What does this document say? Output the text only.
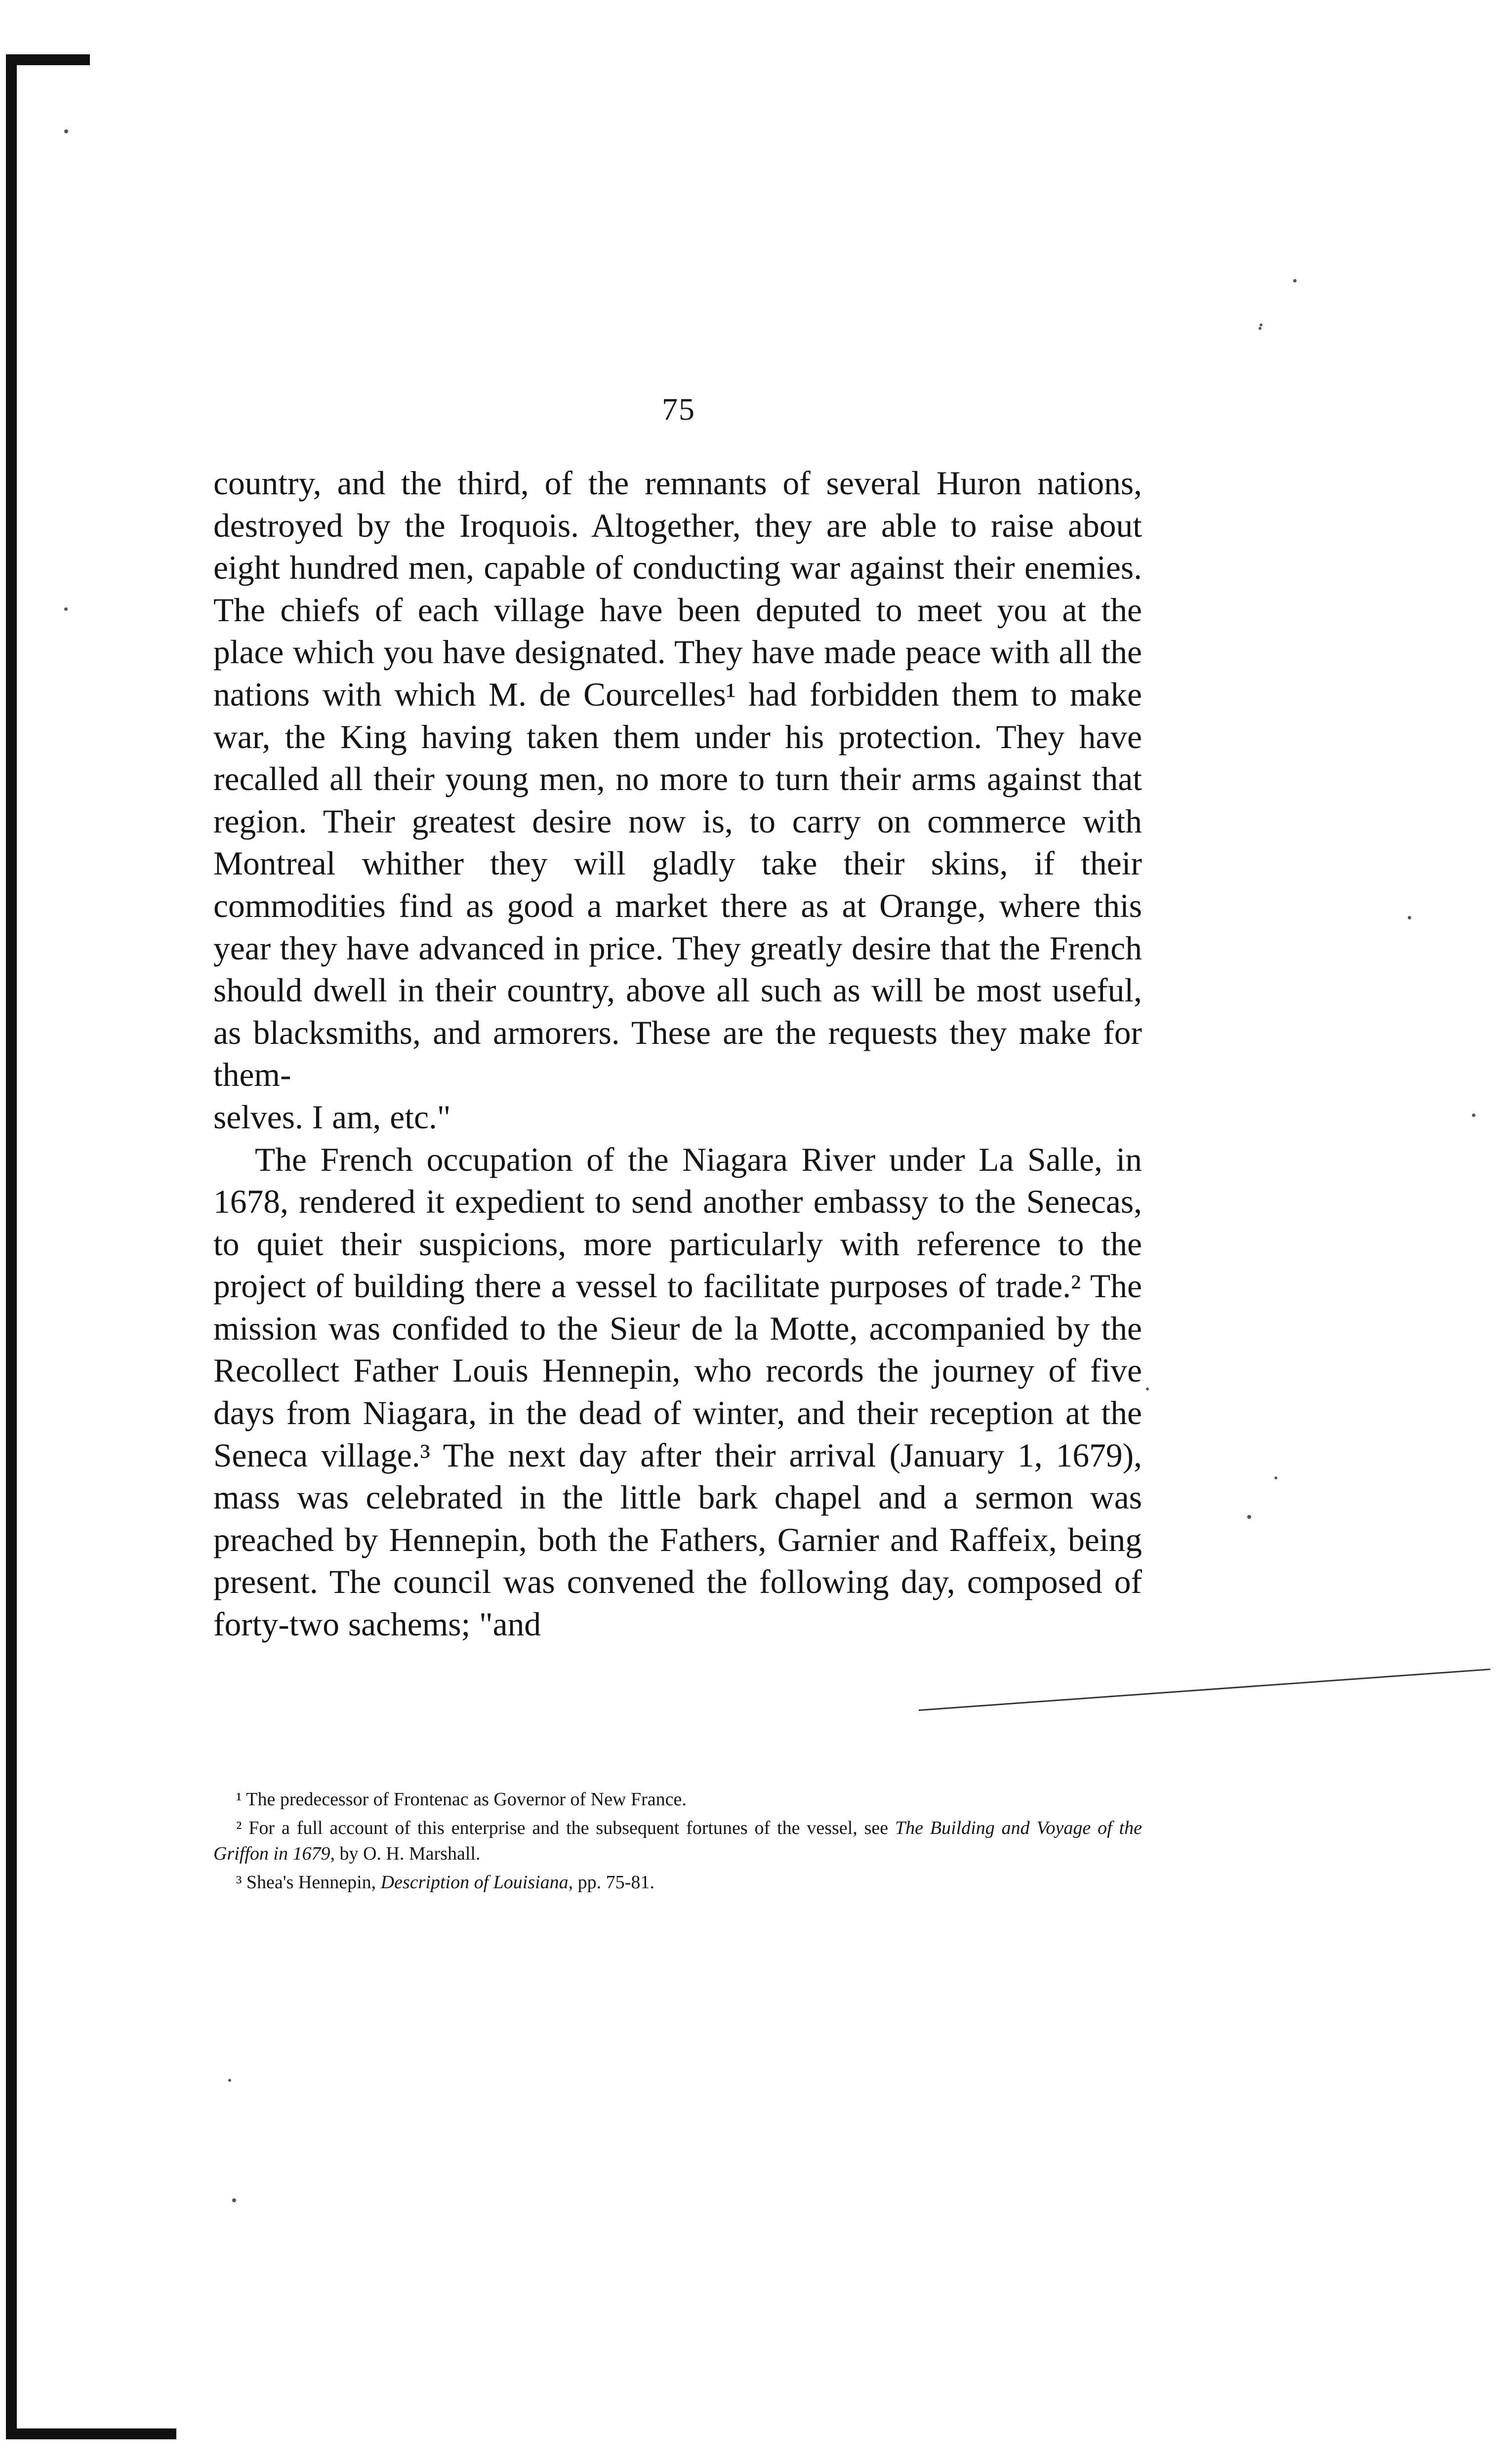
75

country, and the third, of the remnants of several Huron nations, destroyed by the Iroquois. Altogether, they are able to raise about eight hundred men, capable of conducting war against their enemies. The chiefs of each village have been deputed to meet you at the place which you have designated. They have made peace with all the nations with which M. de Courcelles¹ had forbidden them to make war, the King having taken them under his protection. They have recalled all their young men, no more to turn their arms against that region. Their greatest desire now is, to carry on commerce with Montreal whither they will gladly take their skins, if their commodities find as good a market there as at Orange, where this year they have advanced in price. They greatly desire that the French should dwell in their country, above all such as will be most useful, as blacksmiths, and armorers. These are the requests they make for them-
selves. I am, etc."

The French occupation of the Niagara River under La Salle, in 1678, rendered it expedient to send another embassy to the Senecas, to quiet their suspicions, more particularly with reference to the project of building there a vessel to facilitate purposes of trade.² The mission was confided to the Sieur de la Motte, accompanied by the Recollect Father Louis Hennepin, who records the journey of five days from Niagara, in the dead of winter, and their reception at the Seneca village.³ The next day after their arrival (January 1, 1679), mass was celebrated in the little bark chapel and a sermon was preached by Hennepin, both the Fathers, Garnier and Raffeix, being present. The council was convened the following day, composed of forty-two sachems; "and

¹ The predecessor of Frontenac as Governor of New France.

² For a full account of this enterprise and the subsequent fortunes of the vessel, see The Building and Voyage of the Griffon in 1679, by O. H. Marshall.

³ Shea's Hennepin, Description of Louisiana, pp. 75-81.
